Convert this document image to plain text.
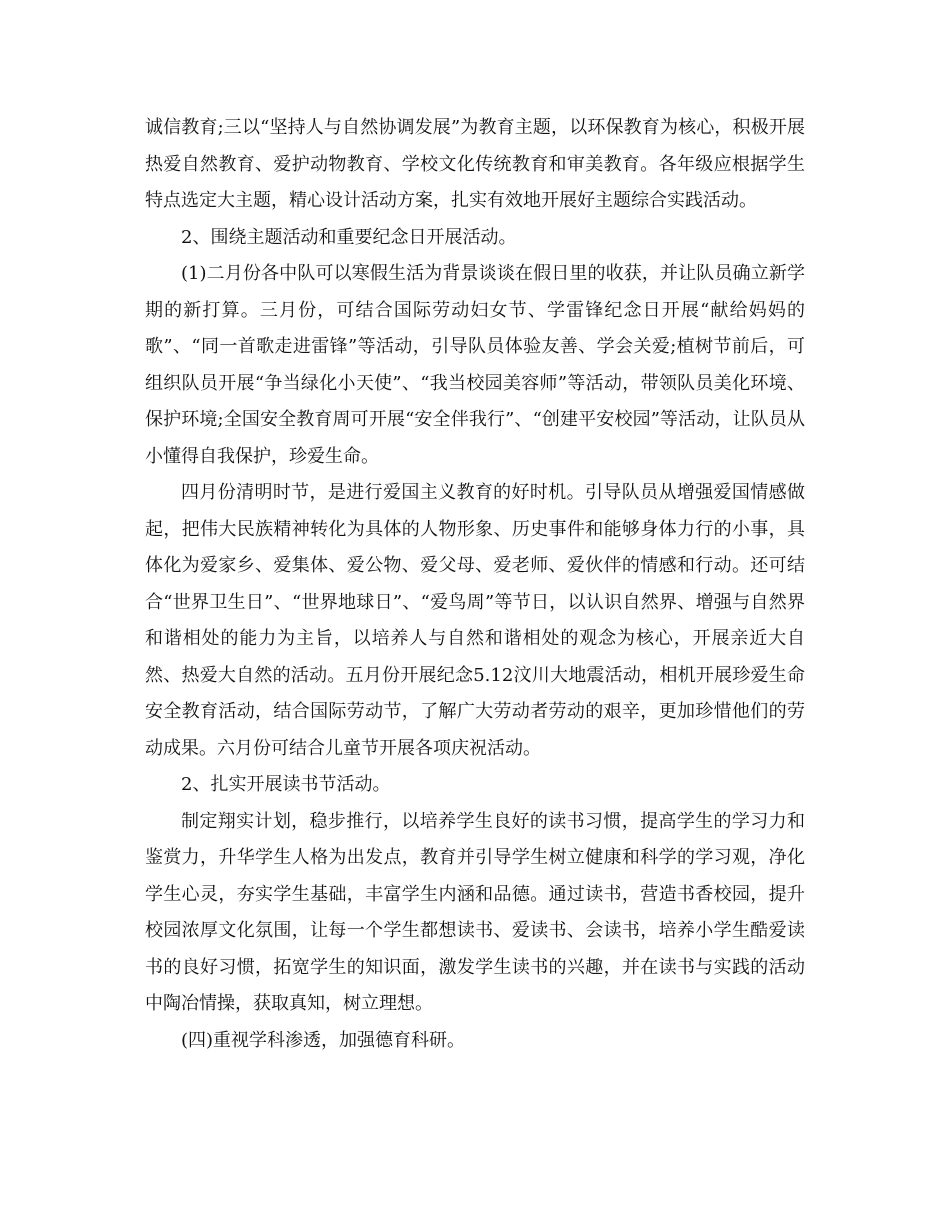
诚信教育;三以“坚持人与自然协调发展”为教育主题，以环保教育为核心，积极开展热爱自然教育、爱护动物教育、学校文化传统教育和审美教育。各年级应根据学生特点选定大主题，精心设计活动方案，扎实有效地开展好主题综合实践活动。

2、围绕主题活动和重要纪念日开展活动。

(1)二月份各中队可以寒假生活为背景谈谈在假日里的收获，并让队员确立新学期的新打算。三月份，可结合国际劳动妇女节、学雷锋纪念日开展“献给妈妈的歌”、“同一首歌走进雷锋”等活动，引导队员体验友善、学会关爱;植树节前后，可组织队员开展“争当绿化小天使”、“我当校园美容师”等活动，带领队员美化环境、保护环境;全国安全教育周可开展“安全伴我行”、“创建平安校园”等活动，让队员从小懂得自我保护，珍爱生命。

四月份清明时节，是进行爱国主义教育的好时机。引导队员从增强爱国情感做起，把伟大民族精神转化为具体的人物形象、历史事件和能够身体力行的小事，具体化为爱家乡、爱集体、爱公物、爱父母、爱老师、爱伙伴的情感和行动。还可结合“世界卫生日”、“世界地球日”、“爱鸟周”等节日，以认识自然界、增强与自然界和谐相处的能力为主旨，以培养人与自然和谐相处的观念为核心，开展亲近大自然、热爱大自然的活动。五月份开展纪念5.12汶川大地震活动，相机开展珍爱生命安全教育活动，结合国际劳动节，了解广大劳动者劳动的艰辛，更加珍惜他们的劳动成果。六月份可结合儿童节开展各项庆祝活动。

2、扎实开展读书节活动。

制定翔实计划，稳步推行，以培养学生良好的读书习惯，提高学生的学习力和鉴赏力，升华学生人格为出发点，教育并引导学生树立健康和科学的学习观，净化学生心灵，夯实学生基础，丰富学生内涵和品德。通过读书，营造书香校园，提升校园浓厚文化氛围，让每一个学生都想读书、爱读书、会读书，培养小学生酷爱读书的良好习惯，拓宽学生的知识面，激发学生读书的兴趣，并在读书与实践的活动中陶冶情操，获取真知，树立理想。

(四)重视学科渗透，加强德育科研。
